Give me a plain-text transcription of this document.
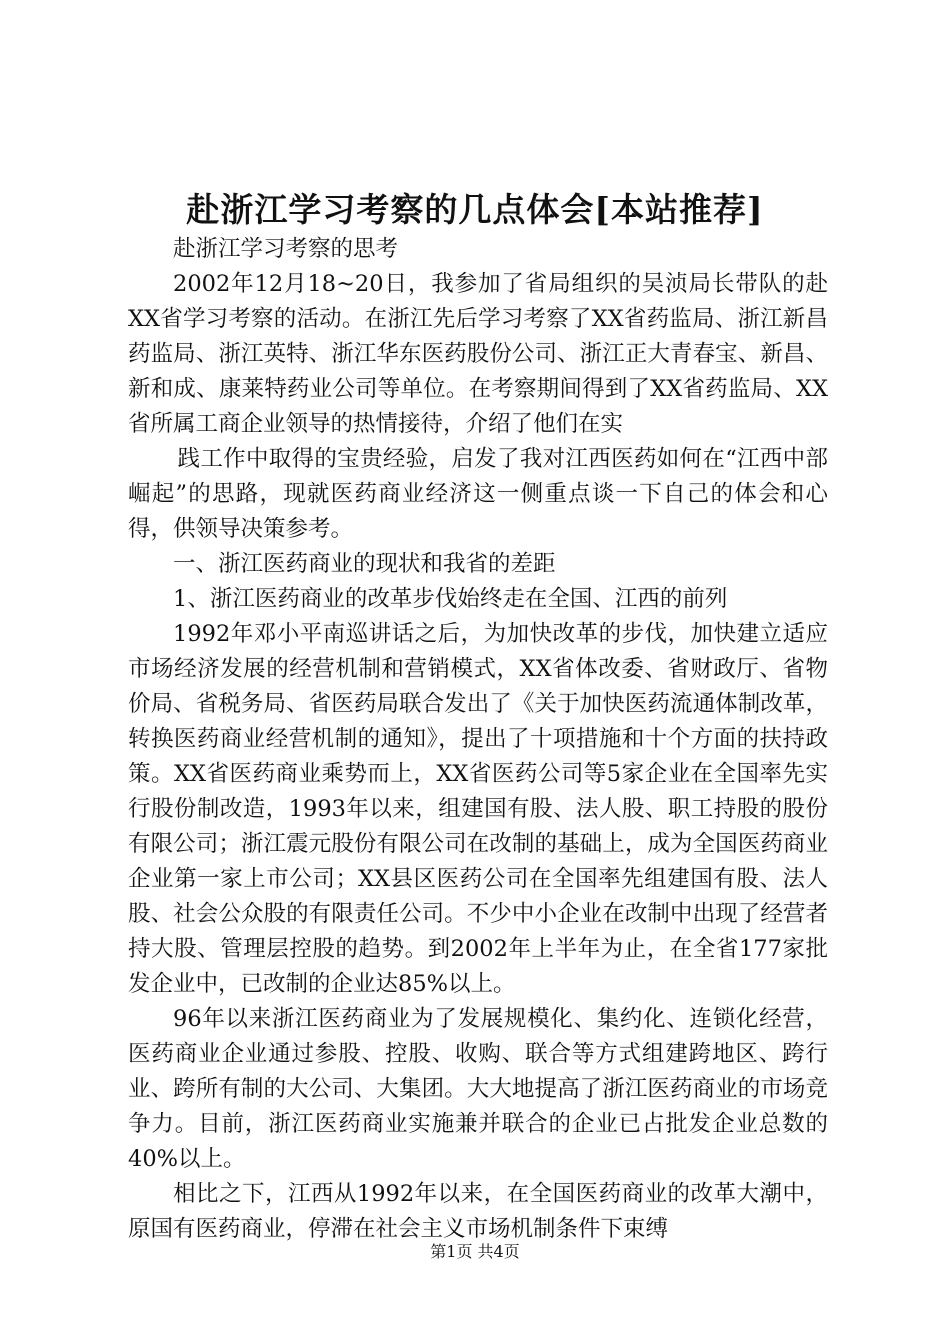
赴浙江学习考察的几点体会[本站推荐]

赴浙江学习考察的思考

2002年12月18~20日，我参加了省局组织的吴浈局长带队的赴XX省学习考察的活动。在浙江先后学习考察了XX省药监局、浙江新昌药监局、浙江英特、浙江华东医药股份公司、浙江正大青春宝、新昌、新和成、康莱特药业公司等单位。在考察期间得到了XX省药监局、XX省所属工商企业领导的热情接待，介绍了他们在实

践工作中取得的宝贵经验，启发了我对江西医药如何在“江西中部崛起”的思路，现就医药商业经济这一侧重点谈一下自己的体会和心得，供领导决策参考。

一、浙江医药商业的现状和我省的差距

1、浙江医药商业的改革步伐始终走在全国、江西的前列

1992年邓小平南巡讲话之后，为加快改革的步伐，加快建立适应市场经济发展的经营机制和营销模式，XX省体改委、省财政厅、省物价局、省税务局、省医药局联合发出了《关于加快医药流通体制改革，转换医药商业经营机制的通知》，提出了十项措施和十个方面的扶持政策。XX省医药商业乘势而上，XX省医药公司等5家企业在全国率先实行股份制改造，1993年以来，组建国有股、法人股、职工持股的股份有限公司；浙江震元股份有限公司在改制的基础上，成为全国医药商业企业第一家上市公司；XX县区医药公司在全国率先组建国有股、法人股、社会公众股的有限责任公司。不少中小企业在改制中出现了经营者持大股、管理层控股的趋势。到2002年上半年为止，在全省177家批发企业中，已改制的企业达85%以上。

96年以来浙江医药商业为了发展规模化、集约化、连锁化经营，医药商业企业通过参股、控股、收购、联合等方式组建跨地区、跨行业、跨所有制的大公司、大集团。大大地提高了浙江医药商业的市场竞争力。目前，浙江医药商业实施兼并联合的企业已占批发企业总数的40%以上。

相比之下，江西从1992年以来，在全国医药商业的改革大潮中，原国有医药商业，停滞在社会主义市场机制条件下束缚

第1页 共4页
